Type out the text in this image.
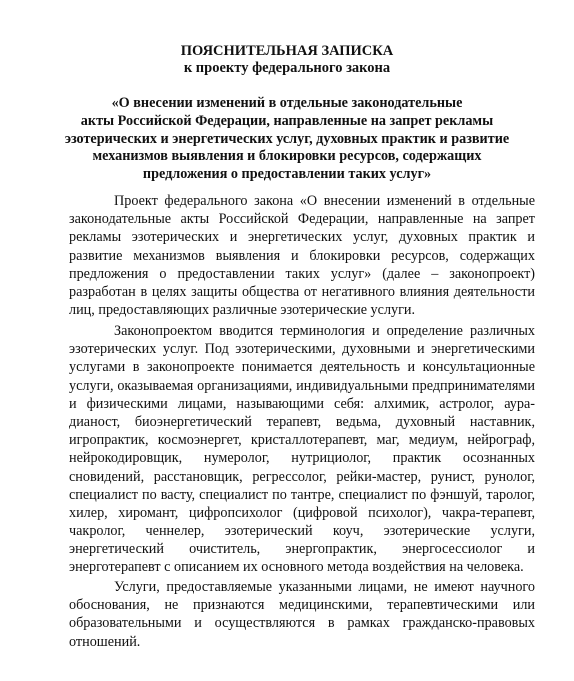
ПОЯСНИТЕЛЬНАЯ ЗАПИСКА
к проекту федерального закона
«О внесении изменений в отдельные законодательные
акты Российской Федерации, направленные на запрет рекламы
эзотерических и энергетических услуг, духовных практик и развитие
механизмов выявления и блокировки ресурсов, содержащих
предложения о предоставлении таких услуг»
Проект федерального закона «О внесении изменений в отдельные
законодательные акты Российской Федерации, направленные на запрет
рекламы эзотерических и энергетических услуг, духовных практик и
развитие механизмов выявления и блокировки ресурсов, содержащих
предложения о предоставлении таких услуг» (далее – законопроект)
разработан в целях защиты общества от негативного влияния деятельности
лиц, предоставляющих различные эзотерические услуги.
Законопроектом вводится терминология и определение различных
эзотерических услуг. Под эзотерическими, духовными и энергетическими
услугами в законопроекте понимается деятельность и консультационные
услуги, оказываемая организациями, индивидуальными предпринимателями
и физическими лицами, называющими себя: алхимик, астролог, аура-
дианост, биоэнергетический терапевт, ведьма, духовный наставник,
игропрактик, космоэнергет, кристаллотерапевт, маг, медиум, нейрограф,
нейрокодировщик, нумеролог, нутрициолог, практик осознанных
сновидений, расстановщик, регрессолог, рейки-мастер, рунист, рунолог,
специалист по васту, специалист по тантре, специалист по фэншуй, таролог,
хилер, хиромант, цифропсихолог (цифровой психолог), чакра-терапевт,
чакролог, ченнелер, эзотерический коуч, эзотерические услуги,
энергетический очиститель, энергопрактик, энергосессиолог и
энерготерапевт с описанием их основного метода воздействия на человека.
Услуги, предоставляемые указанными лицами, не имеют научного
обоснования, не признаются медицинскими, терапевтическими или
образовательными и осуществляются в рамках гражданско-правовых
отношений.
